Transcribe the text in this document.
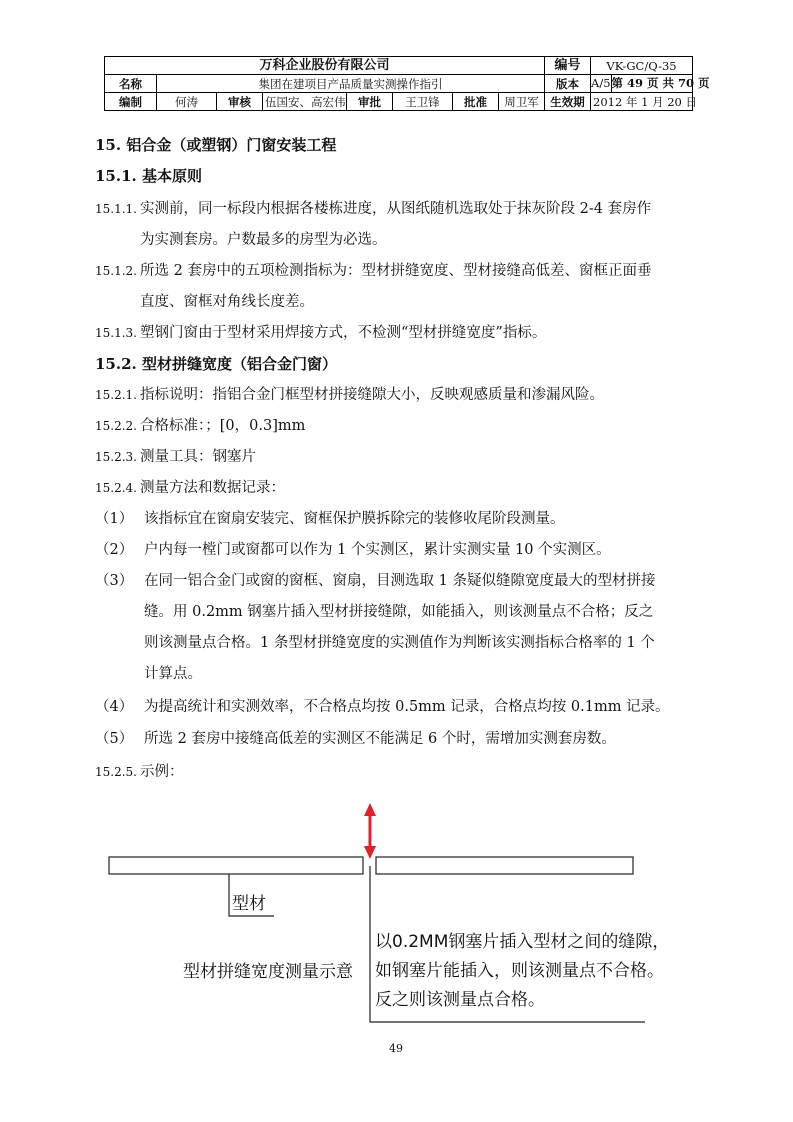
万科企业股份有限公司								编号	VK-GC/Q-35
名称	集团在建项目产品质量实测操作指引							版本	A/5 第 49 页 共 70 页

编制	何涛	审核	伍国安、高宏伟	审批	王卫锋	批准	周卫军	生效期	2012 年 1 月 20 日
15. 铝合金（或塑钢）门窗安装工程
15.1. 基本原则
15.1.1. 实测前，同一标段内根据各楼栋进度，从图纸随机选取处于抹灰阶段 2-4 套房作
为实测套房。户数最多的房型为必选。
15.1.2. 所选 2 套房中的五项检测指标为：型材拼缝宽度、型材接缝高低差、窗框正面垂
直度、窗框对角线长度差。
15.1.3. 塑钢门窗由于型材采用焊接方式，不检测“型材拼缝宽度”指标。
15.2. 型材拼缝宽度（铝合金门窗）
15.2.1. 指标说明：指铝合金门框型材拼接缝隙大小，反映观感质量和渗漏风险。
15.2.2. 合格标准：；[0，0.3]mm
15.2.3. 测量工具：钢塞片
15.2.4. 测量方法和数据记录：
（1） 该指标宜在窗扇安装完、窗框保护膜拆除完的装修收尾阶段测量。
（2） 户内每一樘门或窗都可以作为 1 个实测区，累计实测实量 10 个实测区。
（3） 在同一铝合金门或窗的窗框、窗扇，目测选取 1 条疑似缝隙宽度最大的型材拼接
缝。用 0.2mm 钢塞片插入型材拼接缝隙，如能插入，则该测量点不合格；反之
则该测量点合格。1 条型材拼缝宽度的实测值作为判断该实测指标合格率的 1 个
计算点。
（4） 为提高统计和实测效率，不合格点均按 0.5mm 记录，合格点均按 0.1mm 记录。
（5） 所选 2 套房中接缝高低差的实测区不能满足 6 个时，需增加实测套房数。
15.2.5. 示例：
型材
型材拼缝宽度测量示意
以0.2MM钢塞片插入型材之间的缝隙，
如钢塞片能插入，则该测量点不合格。
反之则该测量点合格。
49
